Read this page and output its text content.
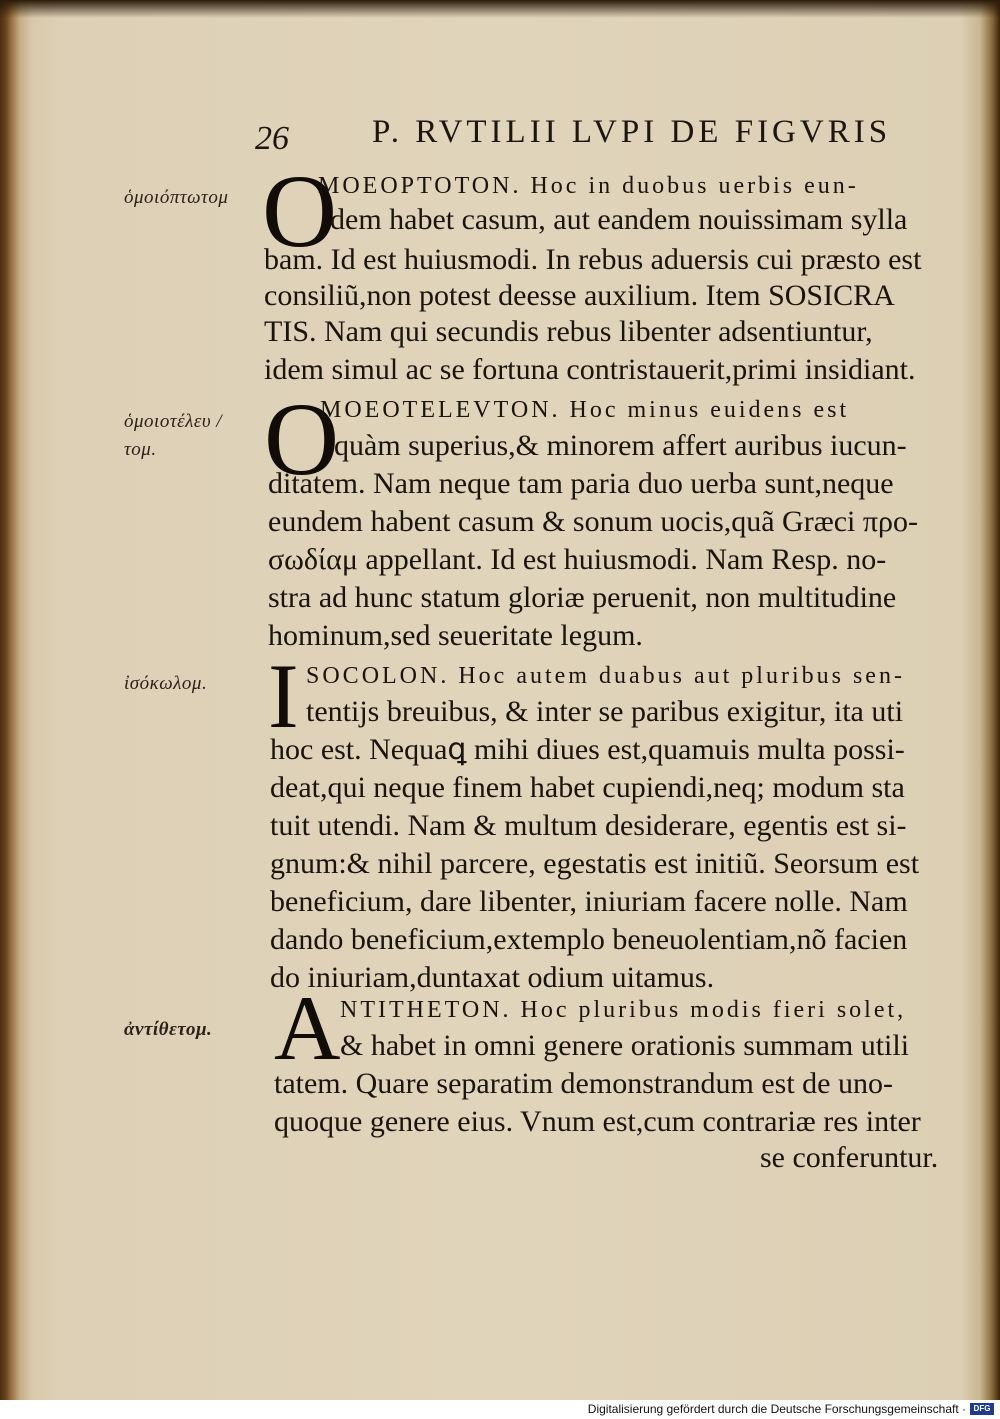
26	P. RVTILII LVPI DE FIGVRIS
ὁμοιόπτωτομ O
MOEOPTOTON. Hoc in duobus uerbis eun-
dem habet casum, aut eandem nouissimam sylla
bam. Id est huiusmodi. In rebus aduersis cui præsto est
consiliũ,non potest deesse auxilium. Item SOSICRA
TIS. Nam qui secundis rebus libenter adsentiuntur,
idem simul ac se fortuna contristauerit,primi insidiant.
ὁμοιοτέλευ /
τομ.	O
MOEOTELEVTON. Hoc minus euidens est
quàm superius,& minorem affert auribus iucun-
ditatem. Nam neque tam paria duo uerba sunt,neque
eundem habent casum & sonum uocis,quã Græci προ-
σωδίαμ appellant. Id est huiusmodi. Nam Resp. no-
stra ad hunc statum gloriæ peruenit, non multitudine
hominum,sed seueritate legum.
ἰσόκωλομ. I SOCOLON. Hoc autem duabus aut pluribus sen-
tentijs breuibus, & inter se paribus exigitur, ita uti
hoc est. Nequaꝗ mihi diues est,quamuis multa possi-
deat,qui neque finem habet cupiendi,neq; modum sta
tuit utendi. Nam & multum desiderare, egentis est si-
gnum:& nihil parcere, egestatis est initiũ. Seorsum est
beneficium, dare libenter, iniuriam facere nolle. Nam
dando beneficium,extemplo beneuolentiam,nõ facien
do iniuriam,duntaxat odium uitamus.
ἀντίθετομ. A NTITHETON. Hoc pluribus modis fieri solet,
& habet in omni genere orationis summam utili
tatem. Quare separatim demonstrandum est de uno-
quoque genere eius. Vnum est,cum contrariæ res inter
se conferuntur.
Digitalisierung gefördert durch die Deutsche Forschungsgemeinschaft · DFG
